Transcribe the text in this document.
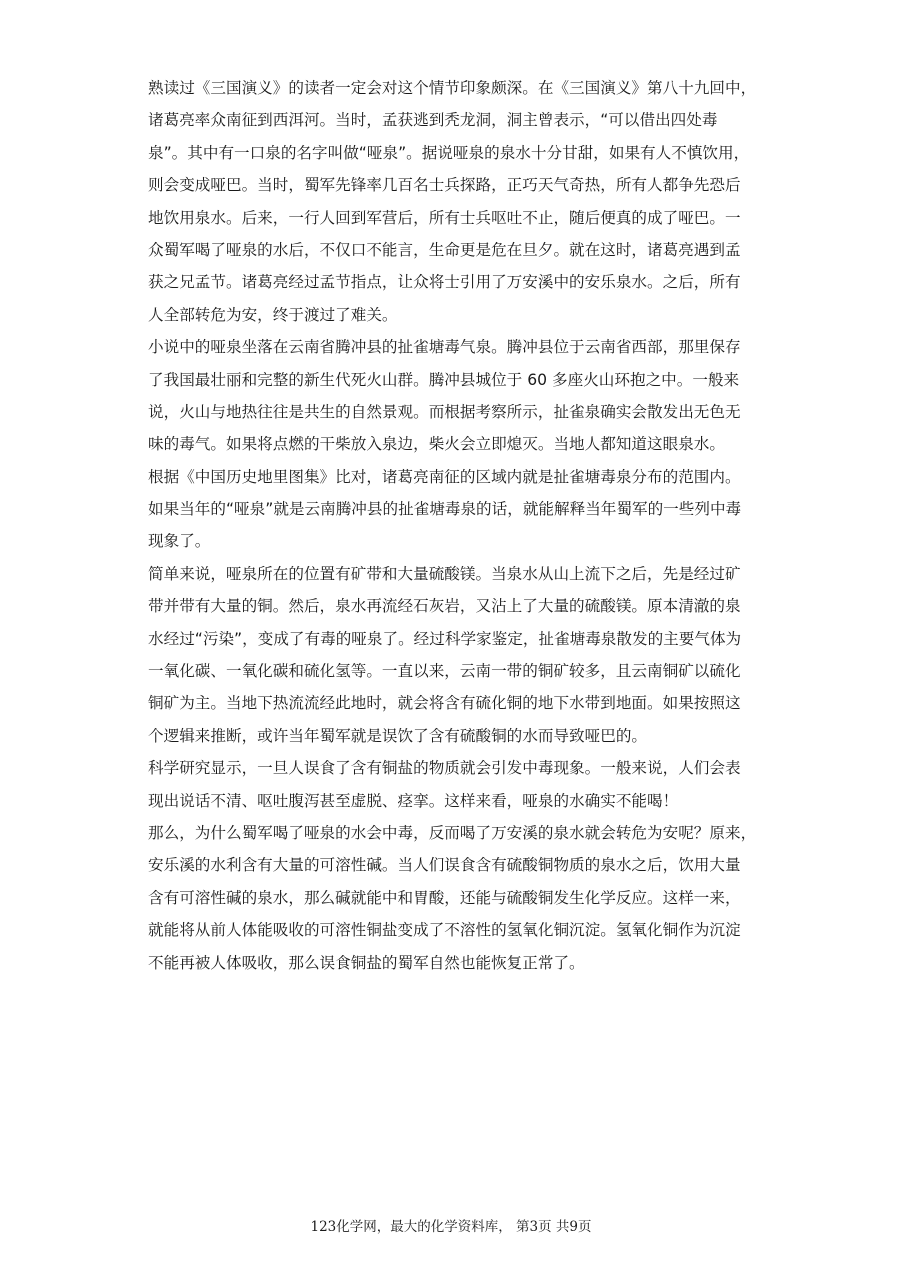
熟读过《三国演义》的读者一定会对这个情节印象颇深。在《三国演义》第八十九回中，
诸葛亮率众南征到西洱河。当时，孟获逃到秃龙洞，洞主曾表示，“可以借出四处毒
泉”。其中有一口泉的名字叫做“哑泉”。据说哑泉的泉水十分甘甜，如果有人不慎饮用，
则会变成哑巴。当时，蜀军先锋率几百名士兵探路，正巧天气奇热，所有人都争先恐后
地饮用泉水。后来，一行人回到军营后，所有士兵呕吐不止，随后便真的成了哑巴。一
众蜀军喝了哑泉的水后，不仅口不能言，生命更是危在旦夕。就在这时，诸葛亮遇到孟
获之兄孟节。诸葛亮经过孟节指点，让众将士引用了万安溪中的安乐泉水。之后，所有
人全部转危为安，终于渡过了难关。
小说中的哑泉坐落在云南省腾冲县的扯雀塘毒气泉。腾冲县位于云南省西部，那里保存
了我国最壮丽和完整的新生代死火山群。腾冲县城位于 60 多座火山环抱之中。一般来
说，火山与地热往往是共生的自然景观。而根据考察所示，扯雀泉确实会散发出无色无
味的毒气。如果将点燃的干柴放入泉边，柴火会立即熄灭。当地人都知道这眼泉水。
根据《中国历史地里图集》比对，诸葛亮南征的区域内就是扯雀塘毒泉分布的范围内。
如果当年的“哑泉”就是云南腾冲县的扯雀塘毒泉的话，就能解释当年蜀军的一些列中毒
现象了。
简单来说，哑泉所在的位置有矿带和大量硫酸镁。当泉水从山上流下之后，先是经过矿
带并带有大量的铜。然后，泉水再流经石灰岩，又沾上了大量的硫酸镁。原本清澈的泉
水经过“污染”，变成了有毒的哑泉了。经过科学家鉴定，扯雀塘毒泉散发的主要气体为
一氧化碳、一氧化碳和硫化氢等。一直以来，云南一带的铜矿较多，且云南铜矿以硫化
铜矿为主。当地下热流流经此地时，就会将含有硫化铜的地下水带到地面。如果按照这
个逻辑来推断，或许当年蜀军就是误饮了含有硫酸铜的水而导致哑巴的。
科学研究显示，一旦人误食了含有铜盐的物质就会引发中毒现象。一般来说，人们会表
现出说话不清、呕吐腹泻甚至虚脱、痉挛。这样来看，哑泉的水确实不能喝！
那么，为什么蜀军喝了哑泉的水会中毒，反而喝了万安溪的泉水就会转危为安呢？原来，
安乐溪的水利含有大量的可溶性碱。当人们误食含有硫酸铜物质的泉水之后，饮用大量
含有可溶性碱的泉水，那么碱就能中和胃酸，还能与硫酸铜发生化学反应。这样一来，
就能将从前人体能吸收的可溶性铜盐变成了不溶性的氢氧化铜沉淀。氢氧化铜作为沉淀
不能再被人体吸收，那么误食铜盐的蜀军自然也能恢复正常了。
123化学网，最大的化学资料库， 第3页 共9页
